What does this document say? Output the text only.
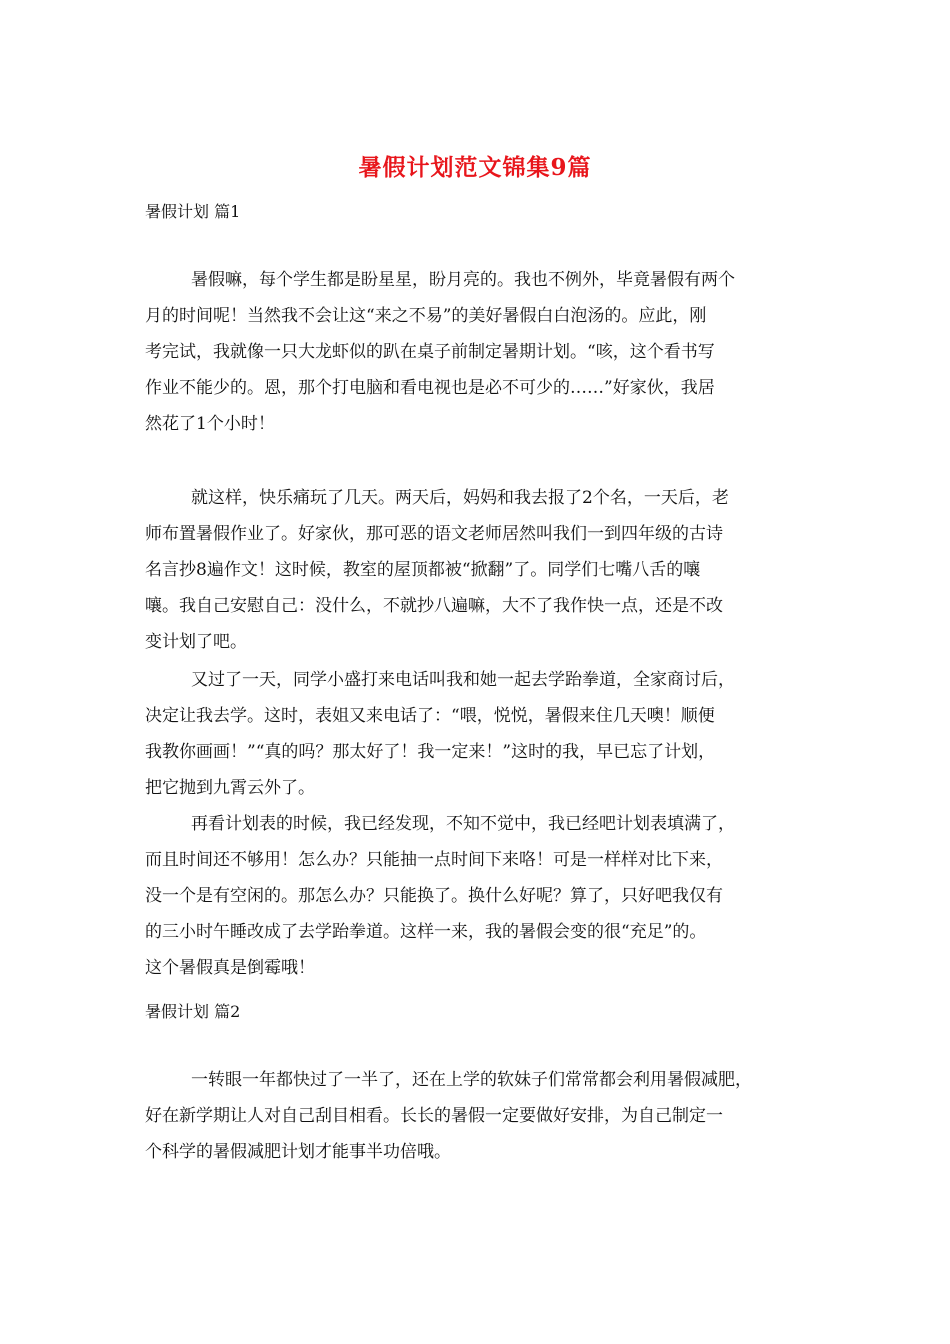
暑假计划范文锦集9篇
暑假计划 篇1
暑假嘛，每个学生都是盼星星，盼月亮的。我也不例外，毕竟暑假有两个
月的时间呢！当然我不会让这“来之不易”的美好暑假白白泡汤的。应此，刚
考完试，我就像一只大龙虾似的趴在桌子前制定暑期计划。“咳，这个看书写
作业不能少的。恩，那个打电脑和看电视也是必不可少的……”好家伙，我居
然花了1个小时！
就这样，快乐痛玩了几天。两天后，妈妈和我去报了2个名，一天后，老
师布置暑假作业了。好家伙，那可恶的语文老师居然叫我们一到四年级的古诗
名言抄8遍作文！这时候，教室的屋顶都被“掀翻”了。同学们七嘴八舌的嚷
嚷。我自己安慰自己：没什么，不就抄八遍嘛，大不了我作快一点，还是不改
变计划了吧。
又过了一天，同学小盛打来电话叫我和她一起去学跆拳道，全家商讨后，
决定让我去学。这时，表姐又来电话了：“喂，悦悦，暑假来住几天噢！顺便
我教你画画！”“真的吗？那太好了！我一定来！”这时的我，早已忘了计划，
把它抛到九霄云外了。
再看计划表的时候，我已经发现，不知不觉中，我已经吧计划表填满了，
而且时间还不够用！怎么办？只能抽一点时间下来咯！可是一样样对比下来，
没一个是有空闲的。那怎么办？只能换了。换什么好呢？算了，只好吧我仅有
的三小时午睡改成了去学跆拳道。这样一来，我的暑假会变的很“充足”的。
这个暑假真是倒霉哦！
暑假计划 篇2
一转眼一年都快过了一半了，还在上学的软妹子们常常都会利用暑假减肥，
好在新学期让人对自己刮目相看。长长的暑假一定要做好安排，为自己制定一
个科学的暑假减肥计划才能事半功倍哦。
